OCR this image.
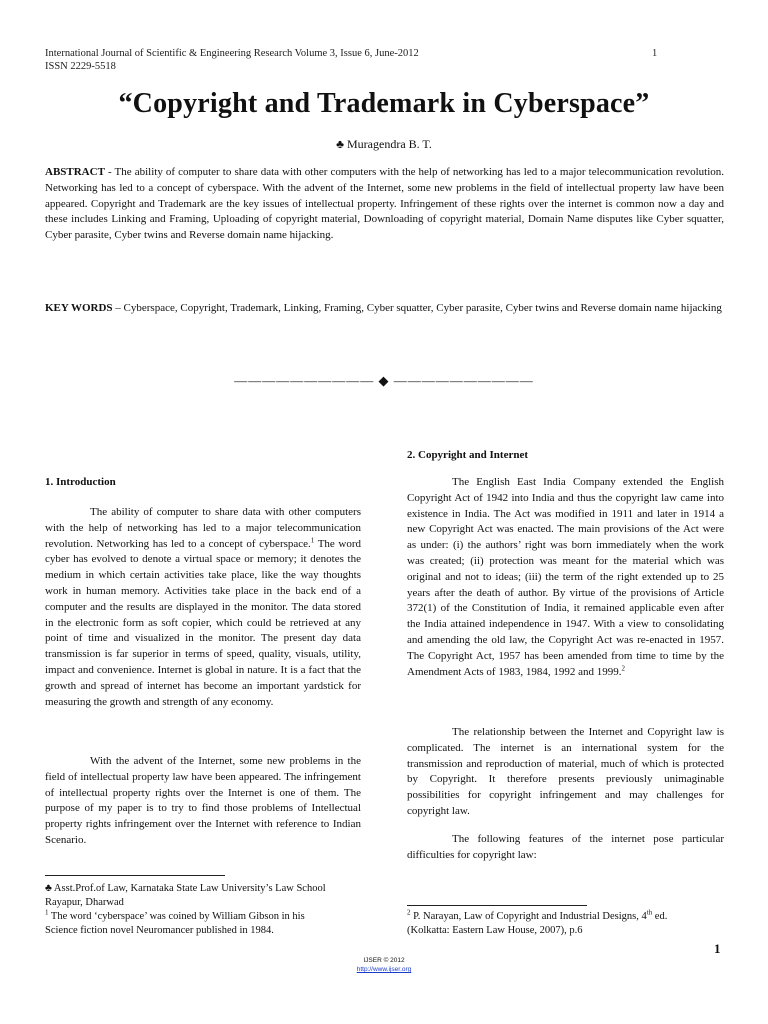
International Journal of Scientific & Engineering Research Volume 3, Issue 6, June-2012
ISSN 2229-5518
1
“Copyright and Trademark in Cyberspace”
♣ Muragendra B. T.
ABSTRACT - The ability of computer to share data with other computers with the help of networking has led to a major telecommunication revolution. Networking has led to a concept of cyberspace. With the advent of the Internet, some new problems in the field of intellectual property law have been appeared. Copyright and Trademark are the key issues of intellectual property. Infringement of these rights over the internet is common now a day and these includes Linking and Framing, Uploading of copyright material, Downloading of copyright material, Domain Name disputes like Cyber squatter, Cyber parasite, Cyber twins and Reverse domain name hijacking.
KEY WORDS – Cyberspace, Copyright, Trademark, Linking, Framing, Cyber squatter, Cyber parasite, Cyber twins and Reverse domain name hijacking
—————————— ◆ ——————————
1. Introduction
The ability of computer to share data with other computers with the help of networking has led to a major telecommunication revolution. Networking has led to a concept of cyberspace.$^1$ The word cyber has evolved to denote a virtual space or memory; it denotes the medium in which certain activities take place, like the way thoughts work in human memory. Activities take place in the back end of a computer and the results are displayed in the monitor. The data stored in the electronic form as soft copier, which could be retrieved at any point of time and visualized in the monitor. The present day data transmission is far superior in terms of speed, quality, visuals, utility, impact and convenience. Internet is global in nature. It is a fact that the growth and spread of internet has become an important yardstick for measuring the growth and strength of any economy.
With the advent of the Internet, some new problems in the field of intellectual property law have been appeared. The infringement of intellectual property rights over the Internet is one of them. The purpose of my paper is to try to find those problems of Intellectual property rights infringement over the Internet with reference to Indian Scenario.
♣ Asst.Prof.of Law, Karnataka State Law University’s Law School
Rayapur, Dharwad
$^1$ The word ‘cyberspace’ was coined by William Gibson in his
Science fiction novel Neuromancer published in 1984.
2. Copyright and Internet
The English East India Company extended the English Copyright Act of 1942 into India and thus the copyright law came into existence in India. The Act was modified in 1911 and later in 1914 a new Copyright Act was enacted. The main provisions of the Act were as under: (i) the authors’ right was born immediately when the work was created; (ii) protection was meant for the material which was original and not to ideas; (iii) the term of the right extended up to 25 years after the death of author. By virtue of the provisions of Article 372(1) of the Constitution of India, it remained applicable even after the India attained independence in 1947. With a view to consolidating and amending the old law, the Copyright Act was re-enacted in 1957. The Copyright Act, 1957 has been amended from time to time by the Amendment Acts of 1983, 1984, 1992 and 1999.$^2$
The relationship between the Internet and Copyright law is complicated. The internet is an international system for the transmission and reproduction of material, much of which is protected by Copyright. It therefore presents previously unimaginable possibilities for copyright infringement and may challenges for copyright law.
The following features of the internet pose particular difficulties for copyright law:
$^2$ P. Narayan, Law of Copyright and Industrial Designs, 4th ed.
(Kolkatta: Eastern Law House, 2007), p.6
1
IJSER © 2012
http://www.ijser.org
